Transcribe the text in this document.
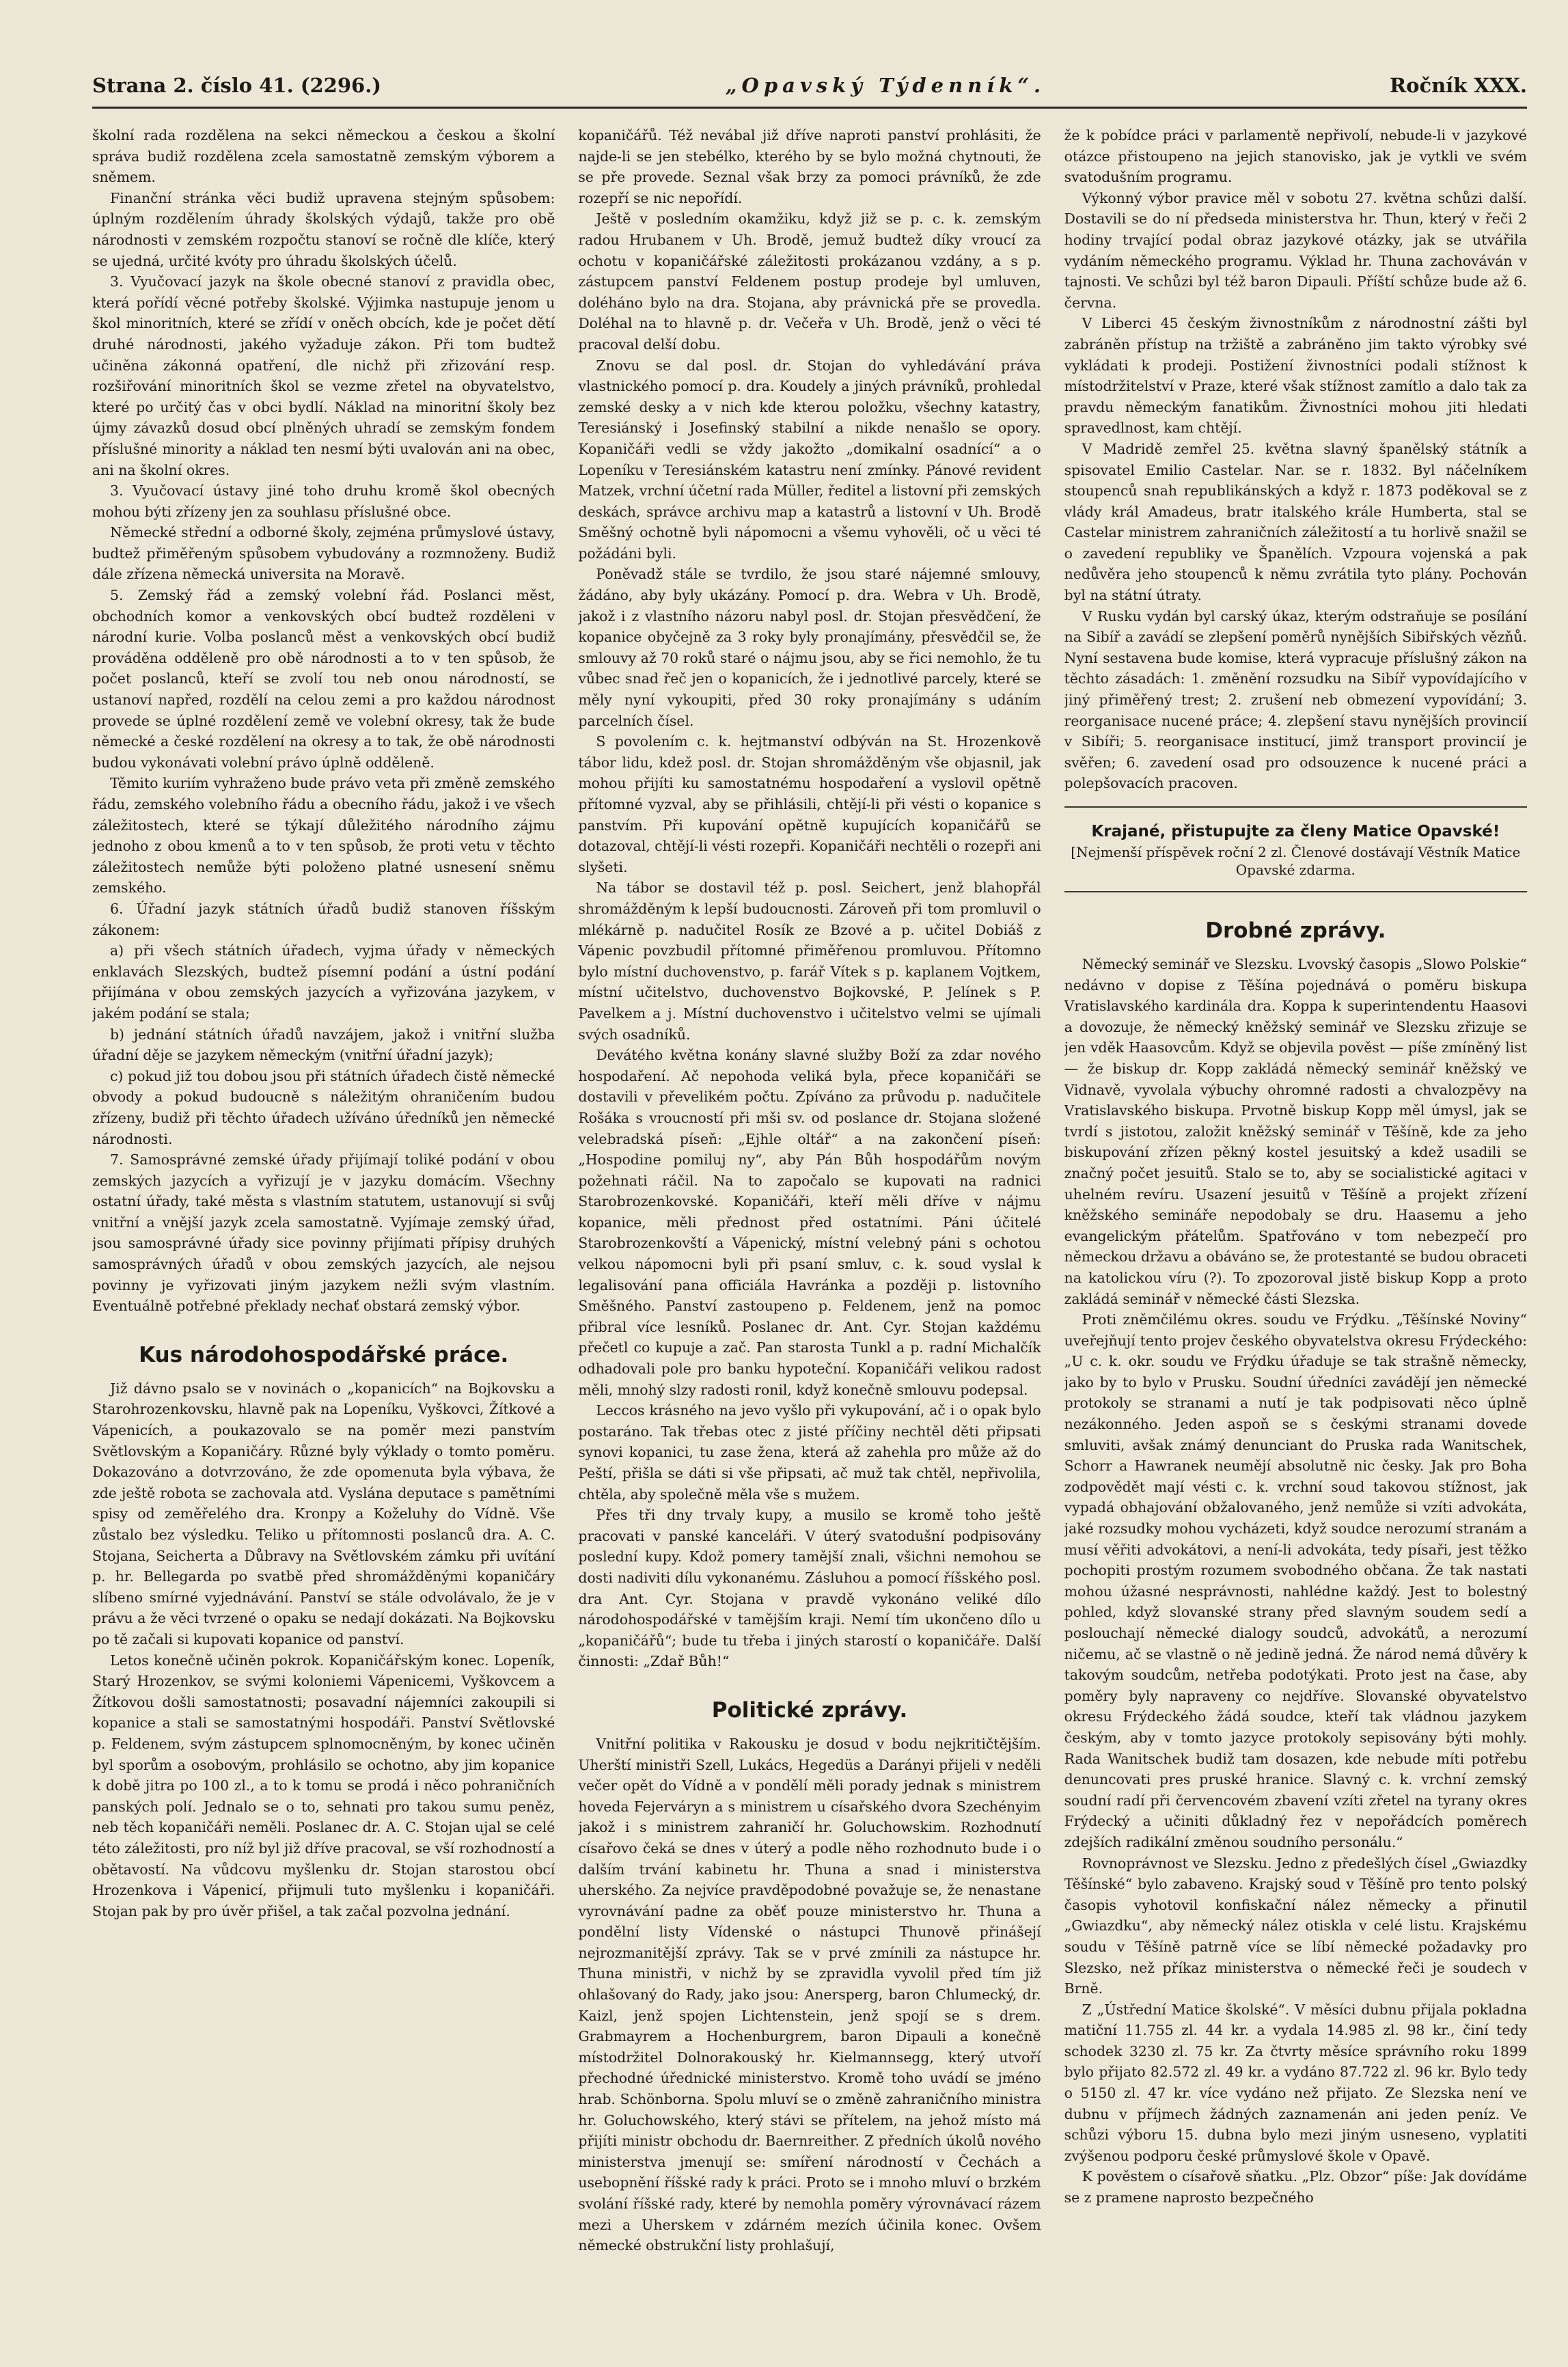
Strana 2. číslo 41. (2296.)	„Opavský Týdenník“.	Ročník XXX.

školní rada rozdělena na sekci německou a českou a školní správa budiž rozdělena zcela samostatně zemským výborem a sněmem.

Finanční stránka věci budiž upravena stejným spůsobem: úplným rozdělením úhrady školských výdajů, takže pro obě národnosti v zemském rozpočtu stanoví se ročně dle klíče, který se ujedná, určité kvóty pro úhradu školských účelů.

3. Vyučovací jazyk na škole obecné stanoví z pravidla obec, která pořídí věcné potřeby školské. Výjimka nastupuje jenom u škol minoritních, které se zřídí v oněch obcích, kde je počet dětí druhé národnosti, jakého vyžaduje zákon. Při tom budtež učiněna zákonná opatření, dle nichž při zřizování resp. rozšiřování minoritních škol se vezme zřetel na obyvatelstvo, které po určitý čas v obci bydlí. Náklad na minoritní školy bez újmy závazků dosud obcí plněných uhradí se zemským fondem příslušné minority a náklad ten nesmí býti uvalován ani na obec, ani na školní okres.

3. Vyučovací ústavy jiné toho druhu kromě škol obecných mohou býti zřízeny jen za souhlasu příslušné obce.

Německé střední a odborné školy, zejména průmyslové ústavy, budtež přiměřeným spůsobem vybudovány a rozmnoženy. Budiž dále zřízena německá universita na Moravě.

5. Zemský řád a zemský volební řád. Poslanci měst, obchodních komor a venkovských obcí budtež rozděleni v národní kurie. Volba poslanců měst a venkovských obcí budiž prováděna odděleně pro obě národnosti a to v ten spůsob, že počet poslanců, kteří se zvolí tou neb onou národností, se ustanoví napřed, rozdělí na celou zemi a pro každou národnost provede se úplné rozdělení země ve volební okresy, tak že bude německé a české rozdělení na okresy a to tak, že obě národnosti budou vykonávati volební právo úplně odděleně.

Těmito kuriím vyhraženo bude právo veta při změně zemského řádu, zemského volebního řádu a obecního řádu, jakož i ve všech záležitostech, které se týkají důležitého národního zájmu jednoho z obou kmenů a to v ten spůsob, že proti vetu v těchto záležitostech nemůže býti položeno platné usnesení sněmu zemského.

6. Úřadní jazyk státních úřadů budiž stanoven říšským zákonem:

a) při všech státních úřadech, vyjma úřady v německých enklavách Slezských, budtež písemní podání a ústní podání přijímána v obou zemských jazycích a vyřizována jazykem, v jakém podání se stala;

b) jednání státních úřadů navzájem, jakož i vnitřní služba úřadní děje se jazykem německým (vnitřní úřadní jazyk);

c) pokud již tou dobou jsou při státních úřadech čistě německé obvody a pokud budoucně s náležitým ohraničením budou zřízeny, budiž při těchto úřadech užíváno úředníků jen německé národnosti.

7. Samosprávné zemské úřady přijímají toliké podání v obou zemských jazycích a vyřizují je v jazyku domácím. Všechny ostatní úřady, také města s vlastním statutem, ustanovují si svůj vnitřní a vnější jazyk zcela samostatně. Vyjímaje zemský úřad, jsou samosprávné úřady sice povinny přijímati přípisy druhých samosprávných úřadů v obou zemských jazycích, ale nejsou povinny je vyřizovati jiným jazykem nežli svým vlastním. Eventuálně potřebné překlady nechať obstará zemský výbor.

Kus národohospodářské práce.

Již dávno psalo se v novinách o „kopanicích“ na Bojkovsku a Starohrozenkovsku, hlavně pak na Lopeníku, Vyškovci, Žítkové a Vápenicích, a poukazovalo se na poměr mezi panstvím Světlovským a Kopaničáry. Různé byly výklady o tomto poměru. Dokazováno a dotvrzováno, že zde opomenuta byla výbava, že zde ještě robota se zachovala atd. Vyslána deputace s pamětními spisy od zeměřelého dra. Kronpy a Koželuhy do Vídně. Vše zůstalo bez výsledku. Teliko u přítomnosti poslanců dra. A. C. Stojana, Seicherta a Důbravy na Světlovském zámku při uvítání p. hr. Bellegarda po svatbě před shromážděnými kopaničáry slíbeno smírné vyjednávání. Panství se stále odvolávalo, že je v právu a že věci tvrzené o opaku se nedají dokázati. Na Bojkovsku po tě začali si kupovati kopanice od panství.

Letos konečně učiněn pokrok. Kopaničářským konec. Lopeník, Starý Hrozenkov, se svými koloniemi Vápenicemi, Vyškovcem a Žítkovou došli samostatnosti; posavadní nájemníci zakoupili si kopanice a stali se samostatnými hospodáři. Panství Světlovské p. Feldenem, svým zástupcem splnomocněným, by konec učiněn byl sporům a osobovým, prohlásilo se ochotno, aby jim kopanice k době jitra po 100 zl., a to k tomu se prodá i něco pohraničních panských polí. Jednalo se o to, sehnati pro takou sumu peněz, neb těch kopaničáři neměli. Poslanec dr. A. C. Stojan ujal se celé této záležitosti, pro níž byl již dříve pracoval, se vší rozhodností a obětavostí. Na vůdcovu myšlenku dr. Stojan starostou obcí Hrozenkova i Vápenicí, přijmuli tuto myšlenku i kopaničáři. Stojan pak by pro úvěr přišel, a tak začal pozvolna jednání.

kopaničářů. Též nevábal již dříve naproti panství prohlásiti, že najde-li se jen stebélko, kterého by se bylo možná chytnouti, že se pře provede. Seznal však brzy za pomoci právníků, že zde rozepří se nic nepořídí.

Ještě v posledním okamžiku, když již se p. c. k. zemským radou Hrubanem v Uh. Brodě, jemuž budtež díky vroucí za ochotu v kopaničářské záležitosti prokázanou vzdány, a s p. zástupcem panství Feldenem postup prodeje byl umluven, doléháno bylo na dra. Stojana, aby právnická pře se provedla. Doléhal na to hlavně p. dr. Večeřa v Uh. Brodě, jenž o věci té pracoval delší dobu.

Znovu se dal posl. dr. Stojan do vyhledávání práva vlastnického pomocí p. dra. Koudely a jiných právníků, prohledal zemské desky a v nich kde kterou položku, všechny katastry, Teresiánský i Josefinský stabilní a nikde nenašlo se opory. Kopaničáři vedli se vždy jakožto „domikalní osadnící“ a o Lopeníku v Teresiánském katastru není zmínky. Pánové revident Matzek, vrchní účetní rada Müller, ředitel a listovní při zemských deskách, správce archivu map a katastrů a listovní v Uh. Brodě Směšný ochotně byli nápomocni a všemu vyhověli, oč u věci té požádáni byli.

Poněvadž stále se tvrdilo, že jsou staré nájemné smlouvy, žádáno, aby byly ukázány. Pomocí p. dra. Webra v Uh. Brodě, jakož i z vlastního názoru nabyl posl. dr. Stojan přesvědčení, že kopanice obyčejně za 3 roky byly pronajímány, přesvědčil se, že smlouvy až 70 roků staré o nájmu jsou, aby se řici nemohlo, že tu vůbec snad řeč jen o kopanicích, že i jednotlivé parcely, které se měly nyní vykoupiti, před 30 roky pronajímány s udáním parcelních čísel.

S povolením c. k. hejtmanství odbýván na St. Hrozenkově tábor lidu, kdež posl. dr. Stojan shromážděným vše objasnil, jak mohou přijíti ku samostatnému hospodaření a vyslovil opětně přítomné vyzval, aby se přihlásili, chtějí-li při vésti o kopanice s panstvím. Při kupování opětně kupujících kopaničářů se dotazoval, chtějí-li vésti rozepři. Kopaničáři nechtěli o rozepři ani slyšeti.

Na tábor se dostavil též p. posl. Seichert, jenž blahopřál shromážděným k lepší budoucnosti. Zároveň při tom promluvil o mlékárně p. nadučitel Rosík ze Bzové a p. učitel Dobiáš z Vápenic povzbudil přítomné přiměřenou promluvou. Přítomno bylo místní duchovenstvo, p. farář Vítek s p. kaplanem Vojtkem, místní učitelstvo, duchovenstvo Bojkovské, P. Jelínek s P. Pavelkem a j. Místní duchovenstvo i učitelstvo velmi se ujímali svých osadníků.

Devátého května konány slavné služby Boží za zdar nového hospodaření. Ač nepohoda veliká byla, přece kopaničáři se dostavili v převelikém počtu. Zpíváno za průvodu p. nadučitele Rošáka s vroucností při mši sv. od poslance dr. Stojana složené velebradská píseň: „Ejhle oltář“ a na zakončení píseň: „Hospodine pomiluj ny“, aby Pán Bůh hospodářům novým požehnati ráčil. Na to započalo se kupovati na radnici Starobrozenkovské. Kopaničáři, kteří měli dříve v nájmu kopanice, měli přednost před ostatními. Páni účitelé Starobrozenkovští a Vápenický, místní velebný páni s ochotou velkou nápomocni byli při psaní smluv, c. k. soud vyslal k legalisování pana officiála Havránka a později p. listovního Směšného. Panství zastoupeno p. Feldenem, jenž na pomoc přibral více lesníků. Poslanec dr. Ant. Cyr. Stojan každému přečetl co kupuje a zač. Pan starosta Tunkl a p. radní Michalčík odhadovali pole pro banku hypoteční. Kopaničáři velikou radost měli, mnohý slzy radosti ronil, když konečně smlouvu podepsal.

Leccos krásného na jevo vyšlo při vykupování, ač i o opak bylo postaráno. Tak třebas otec z jisté příčiny nechtěl děti připsati synovi kopanici, tu zase žena, která až zahehla pro může až do Peští, přišla se dáti si vše připsati, ač muž tak chtěl, nepřivolila, chtěla, aby společně měla vše s mužem.

Přes tři dny trvaly kupy, a musilo se kromě toho ještě pracovati v panské kanceláři. V úterý svatodušní podpisovány poslední kupy. Kdož pomery tamější znali, všichni nemohou se dosti nadiviti dílu vykonanému. Zásluhou a pomocí říšského posl. dra Ant. Cyr. Stojana v pravdě vykonáno veliké dílo národohospodářské v tamějším kraji. Nemí tím ukončeno dílo u „kopaničářů“; bude tu třeba i jiných starostí o kopaničáře. Další činnosti: „Zdař Bůh!“

Politické zprávy.

Vnitřní politika v Rakousku je dosud v bodu nejkritičtějším. Uherští ministři Szell, Lukács, Hegedüs a Darányi přijeli v neděli večer opět do Vídně a v pondělí měli porady jednak s ministrem hoveda Fejerváryn a s ministrem u císařského dvora Szechényim jakož i s ministrem zahraničí hr. Goluchowskim. Rozhodnutí císařovo čeká se dnes v úterý a podle něho rozhodnuto bude i o dalším trvání kabinetu hr. Thuna a snad i ministerstva uherského. Za nejvíce pravděpodobné považuje se, že nenastane vyrovnávání padne za oběť pouze ministerstvo hr. Thuna a pondělní listy Vídenské o nástupci Thunově přinášejí nejrozmanitější zprávy. Tak se v prvé zmínili za nástupce hr. Thuna ministři, v nichž by se zpravidla vyvolil před tím již ohlašovaný do Rady, jako jsou: Anersperg, baron Chlumecký, dr. Kaizl, jenž spojen Lichtenstein, jenž spojí se s drem. Grabmayrem a Hochenburgrem, baron Dipauli a konečně místodržitel Dolnorakouský hr. Kielmannsegg, který utvoří přechodné úřednické ministerstvo. Kromě toho uvádí se jméno hrab. Schönborna. Spolu mluví se o změně zahraničního ministra hr. Goluchowského, který stávi se přítelem, na jehož místo má přijíti ministr obchodu dr. Baernreither. Z předních úkolů nového ministerstva jmenují se: smíření národností v Čechách a usebopnění říšské rady k práci. Proto se i mnoho mluví o brzkém svolání říšské rady, které by nemohla poměry výrovnávací rázem mezi a Uherskem v zdárném mezích účinila konec. Ovšem německé obstrukční listy prohlašují,

že k pobídce práci v parlamentě nepřivolí, nebude-li v jazykové otázce přistoupeno na jejich stanovisko, jak je vytkli ve svém svatodušním programu.

Výkonný výbor pravice měl v sobotu 27. května schůzi další. Dostavili se do ní předseda ministerstva hr. Thun, který v řeči 2 hodiny trvající podal obraz jazykové otázky, jak se utvářila vydáním německého programu. Výklad hr. Thuna zachováván v tajnosti. Ve schůzi byl též baron Dipauli. Příští schůze bude až 6. června.

V Liberci 45 českým živnostníkům z národnostní zášti byl zabráněn přístup na tržiště a zabráněno jim takto výrobky své vykládati k prodeji. Postižení živnostníci podali stížnost k místodržitelství v Praze, které však stížnost zamítlo a dalo tak za pravdu německým fanatikům. Živnostníci mohou jiti hledati spravedlnost, kam chtějí.

V Madridě zemřel 25. května slavný španělský státník a spisovatel Emilio Castelar. Nar. se r. 1832. Byl náčelníkem stoupenců snah republikánských a když r. 1873 poděkoval se z vlády král Amadeus, bratr italského krále Humberta, stal se Castelar ministrem zahraničních záležitostí a tu horlivě snažil se o zavedení republiky ve Španělích. Vzpoura vojenská a pak nedůvěra jeho stoupenců k němu zvrátila tyto plány. Pochován byl na státní útraty.

V Rusku vydán byl carský úkaz, kterým odstraňuje se posílání na Sibíř a zavádí se zlepšení poměrů nynějších Sibiřských vězňů. Nyní sestavena bude komise, která vypracuje příslušný zákon na těchto zásadách: 1. změnění rozsudku na Sibíř vypovídajícího v jiný přiměřený trest; 2. zrušení neb obmezení vypovídání; 3. reorganisace nucené práce; 4. zlepšení stavu nynějších provincií v Sibíři; 5. reorganisace institucí, jimž transport provincií je svěřen; 6. zavedení osad pro odsouzence k nucené práci a polepšovacích pracoven.

Krajané, přistupujte za členy Matice Opavské!
[Nejmenší příspěvek roční 2 zl. Členové dostávají Věstník Matice Opavské zdarma.
Drobné zprávy.

Německý seminář ve Slezsku. Lvovský časopis „Slowo Polskie“ nedávno v dopise z Těšína pojednává o poměru biskupa Vratislavského kardinála dra. Koppa k superintendentu Haasovi a dovozuje, že německý kněžský seminář ve Slezsku zřizuje se jen vděk Haasovcům. Když se objevila pověst — píše zmíněný list — že biskup dr. Kopp zakládá německý seminář kněžský ve Vidnavě, vyvolala výbuchy ohromné radosti a chvalozpěvy na Vratislavského biskupa. Prvotně biskup Kopp měl úmysl, jak se tvrdí s jistotou, založit kněžský seminář v Těšíně, kde za jeho biskupování zřízen pěkný kostel jesuitský a kdež usadili se značný počet jesuitů. Stalo se to, aby se socialistické agitaci v uhelném revíru. Usazení jesuitů v Těšíně a projekt zřízení kněžského semináře nepodobaly se dru. Haasemu a jeho evangelickým přátelům. Spatřováno v tom nebezpečí pro německou državu a obáváno se, že protestanté se budou obraceti na katolickou víru (?). To zpozoroval jistě biskup Kopp a proto zakládá seminář v německé části Slezska.

Proti zněmčilému okres. soudu ve Frýdku. „Těšínské Noviny“ uveřejňují tento projev českého obyvatelstva okresu Frýdeckého: „U c. k. okr. soudu ve Frýdku úřaduje se tak strašně německy, jako by to bylo v Prusku. Soudní úředníci zavádějí jen německé protokoly se stranami a nutí je tak podpisovati něco úplně nezákonného. Jeden aspoň se s českými stranami dovede smluviti, avšak známý denunciant do Pruska rada Wanitschek, Schorr a Hawranek neumějí absolutně nic česky. Jak pro Boha zodpovědět mají vésti c. k. vrchní soud takovou stížnost, jak vypadá obhajování obžalovaného, jenž nemůže si vzíti advokáta, jaké rozsudky mohou vycházeti, když soudce nerozumí stranám a musí věřiti advokátovi, a není-li advokáta, tedy písaři, jest těžko pochopiti prostým rozumem svobodného občana. Že tak nastati mohou úžasné nesprávnosti, nahlédne každý. Jest to bolestný pohled, když slovanské strany před slavným soudem sedí a poslouchají německé dialogy soudců, advokátů, a nerozumí ničemu, ač se vlastně o ně jedině jedná. Že národ nemá důvěry k takovým soudcům, netřeba podotýkati. Proto jest na čase, aby poměry byly napraveny co nejdříve. Slovanské obyvatelstvo okresu Frýdeckého žádá soudce, kteří tak vládnou jazykem českým, aby v tomto jazyce protokoly sepisovány býti mohly. Rada Wanitschek budiž tam dosazen, kde nebude míti potřebu denuncovati pres pruské hranice. Slavný c. k. vrchní zemský soudní radí při červencovém zbavení vzíti zřetel na tyrany okres Frýdecký a učiniti důkladný řez v nepořádcích poměrech zdejších radikální změnou soudního personálu.“

Rovnoprávnost ve Slezsku. Jedno z předešlých čísel „Gwiazdky Těšínské“ bylo zabaveno. Krajský soud v Těšíně pro tento polský časopis vyhotovil konfiskační nález německy a přinutil „Gwiazdku“, aby německý nález otiskla v celé listu. Krajskému soudu v Těšíně patrně více se líbí německé požadavky pro Slezsko, než příkaz ministerstva o německé řeči je soudech v Brně.

Z „Ústřední Matice školské“. V měsíci dubnu přijala pokladna matiční 11.755 zl. 44 kr. a vydala 14.985 zl. 98 kr., činí tedy schodek 3230 zl. 75 kr. Za čtvrty měsíce správního roku 1899 bylo přijato 82.572 zl. 49 kr. a vydáno 87.722 zl. 96 kr. Bylo tedy o 5150 zl. 47 kr. více vydáno než přijato. Ze Slezska není ve dubnu v příjmech žádných zaznamenán ani jeden peníz. Ve schůzi výboru 15. dubna bylo mezi jiným usneseno, vyplatiti zvýšenou podporu české průmyslové škole v Opavě.

K pověstem o císařově sňatku. „Plz. Obzor“ píše: Jak dovídáme se z pramene naprosto bezpečného
